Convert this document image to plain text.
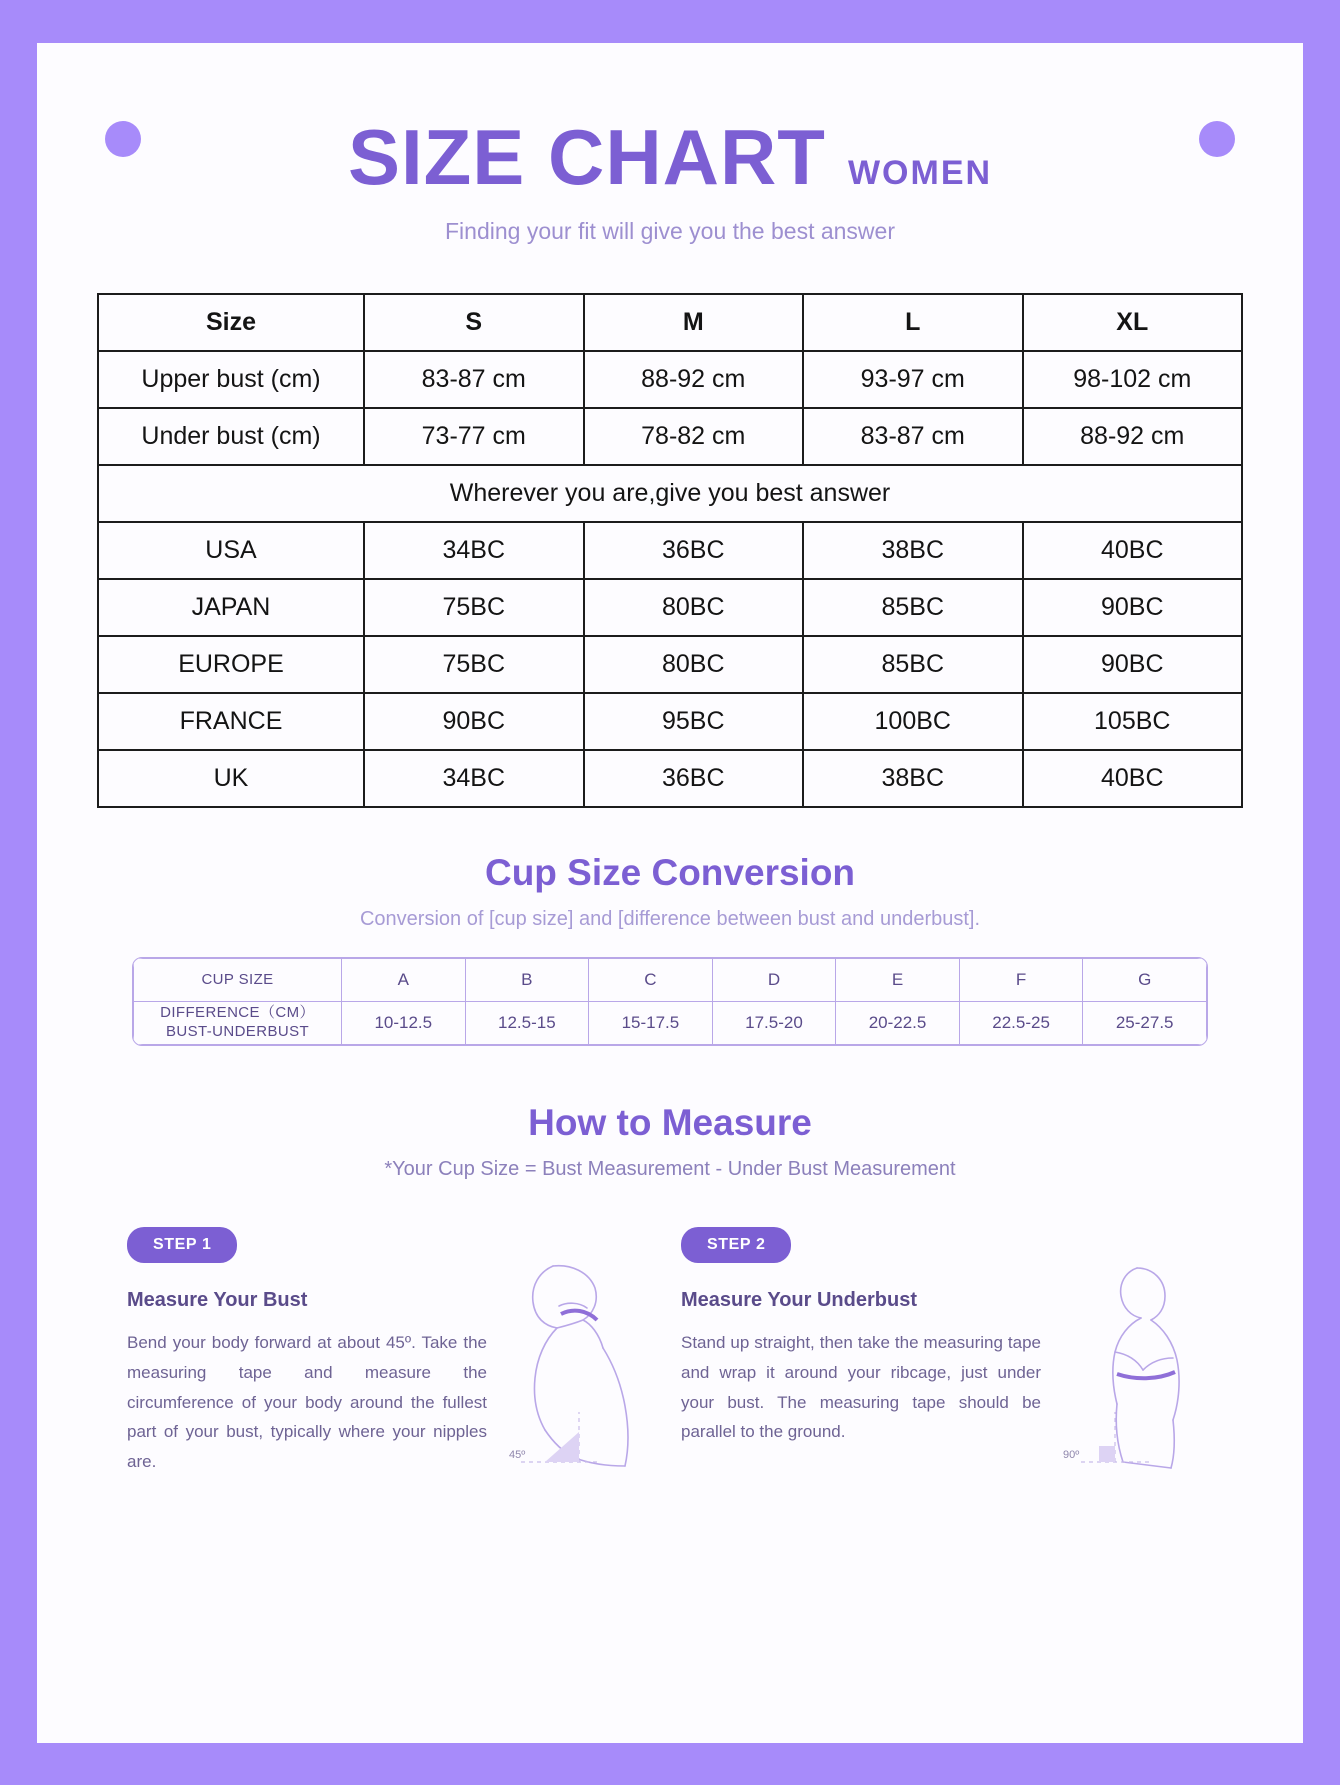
SIZE CHART WOMEN
Finding your fit will give you the best answer
Size	S	M	L	XL
Upper bust (cm)	83-87 cm	88-92 cm	93-97 cm	98-102 cm
Under bust (cm)	73-77 cm	78-82 cm	83-87 cm	88-92 cm
Wherever you are,give you best answer				
USA	34BC	36BC	38BC	40BC
JAPAN	75BC	80BC	85BC	90BC
EUROPE	75BC	80BC	85BC	90BC
FRANCE	90BC	95BC	100BC	105BC
UK	34BC	36BC	38BC	40BC
Cup Size Conversion
Conversion of [cup size] and [difference between bust and underbust].
CUP SIZE	A	B	C	D	E	F	G

DIFFERENCE（CM）
BUST-UNDERBUST	10-12.5	12.5-15	15-17.5	17.5-20	20-22.5	22.5-25	25-27.5
How to Measure
*Your Cup Size = Bust Measurement - Under Bust Measurement
STEP 1
Measure Your Bust
Bend your body forward at about 45º. Take the measuring tape and measure the circumference of your body around the fullest part of your bust, typically where your nipples are.	45º
STEP 2
Measure Your Underbust
Stand up straight, then take the measuring tape and wrap it around your ribcage, just under your bust. The measuring tape should be parallel to the ground.
90º
